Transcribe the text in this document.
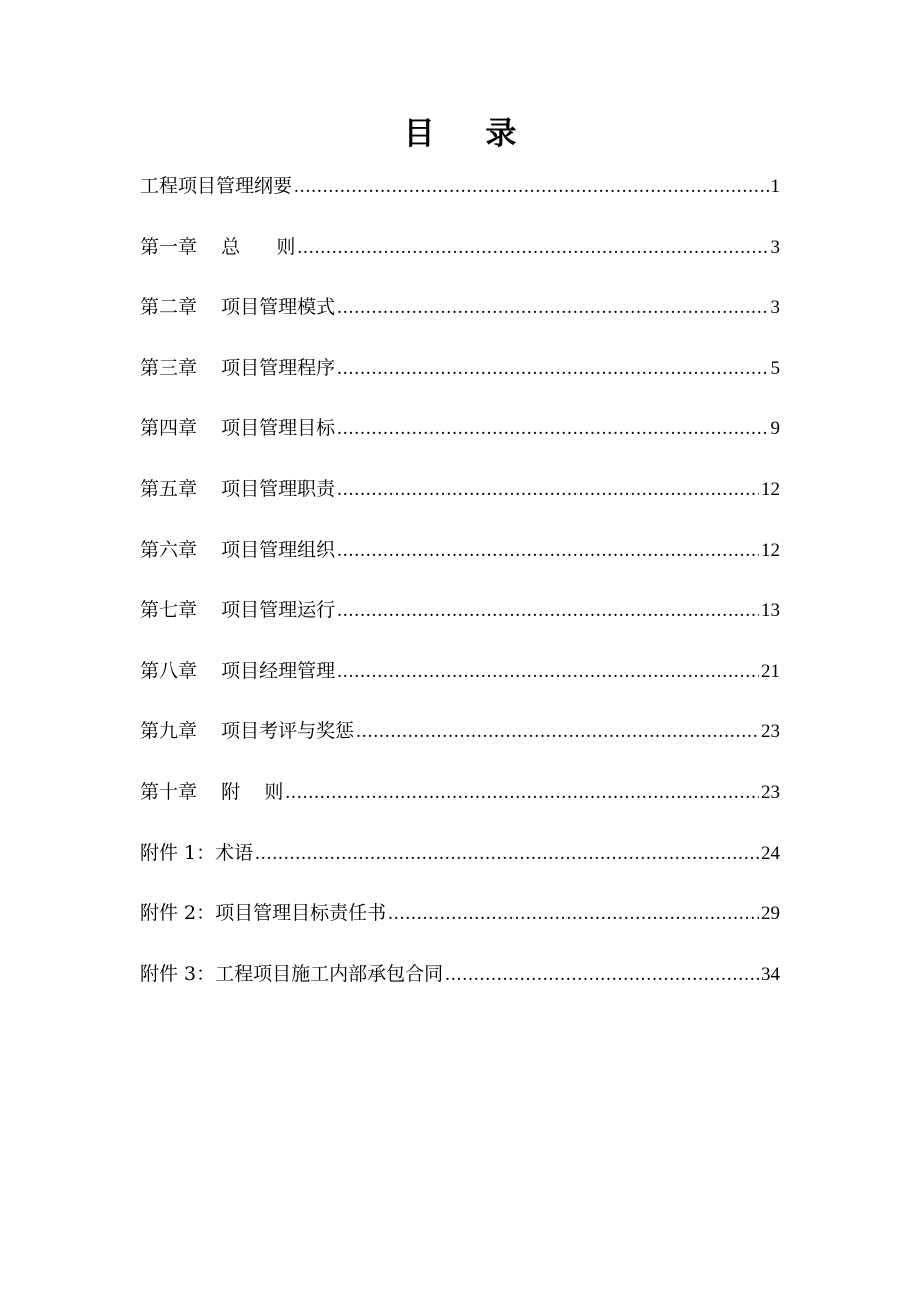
目 录
工程项目管理纲要 .....	1
第一章    总      则 .....	3
第二章    项目管理模式 .....	3
第三章    项目管理程序 .....	5
第四章    项目管理目标 .....	9
第五章    项目管理职责 .....	12
第六章    项目管理组织 .....	12
第七章    项目管理运行 .....	13
第八章    项目经理管理 .....	21
第九章    项目考评与奖惩 .....	23
第十章    附    则 .....	23
附件 1：术语 .....	24
附件 2：项目管理目标责任书 .....	29
附件 3：工程项目施工内部承包合同 .....	34
